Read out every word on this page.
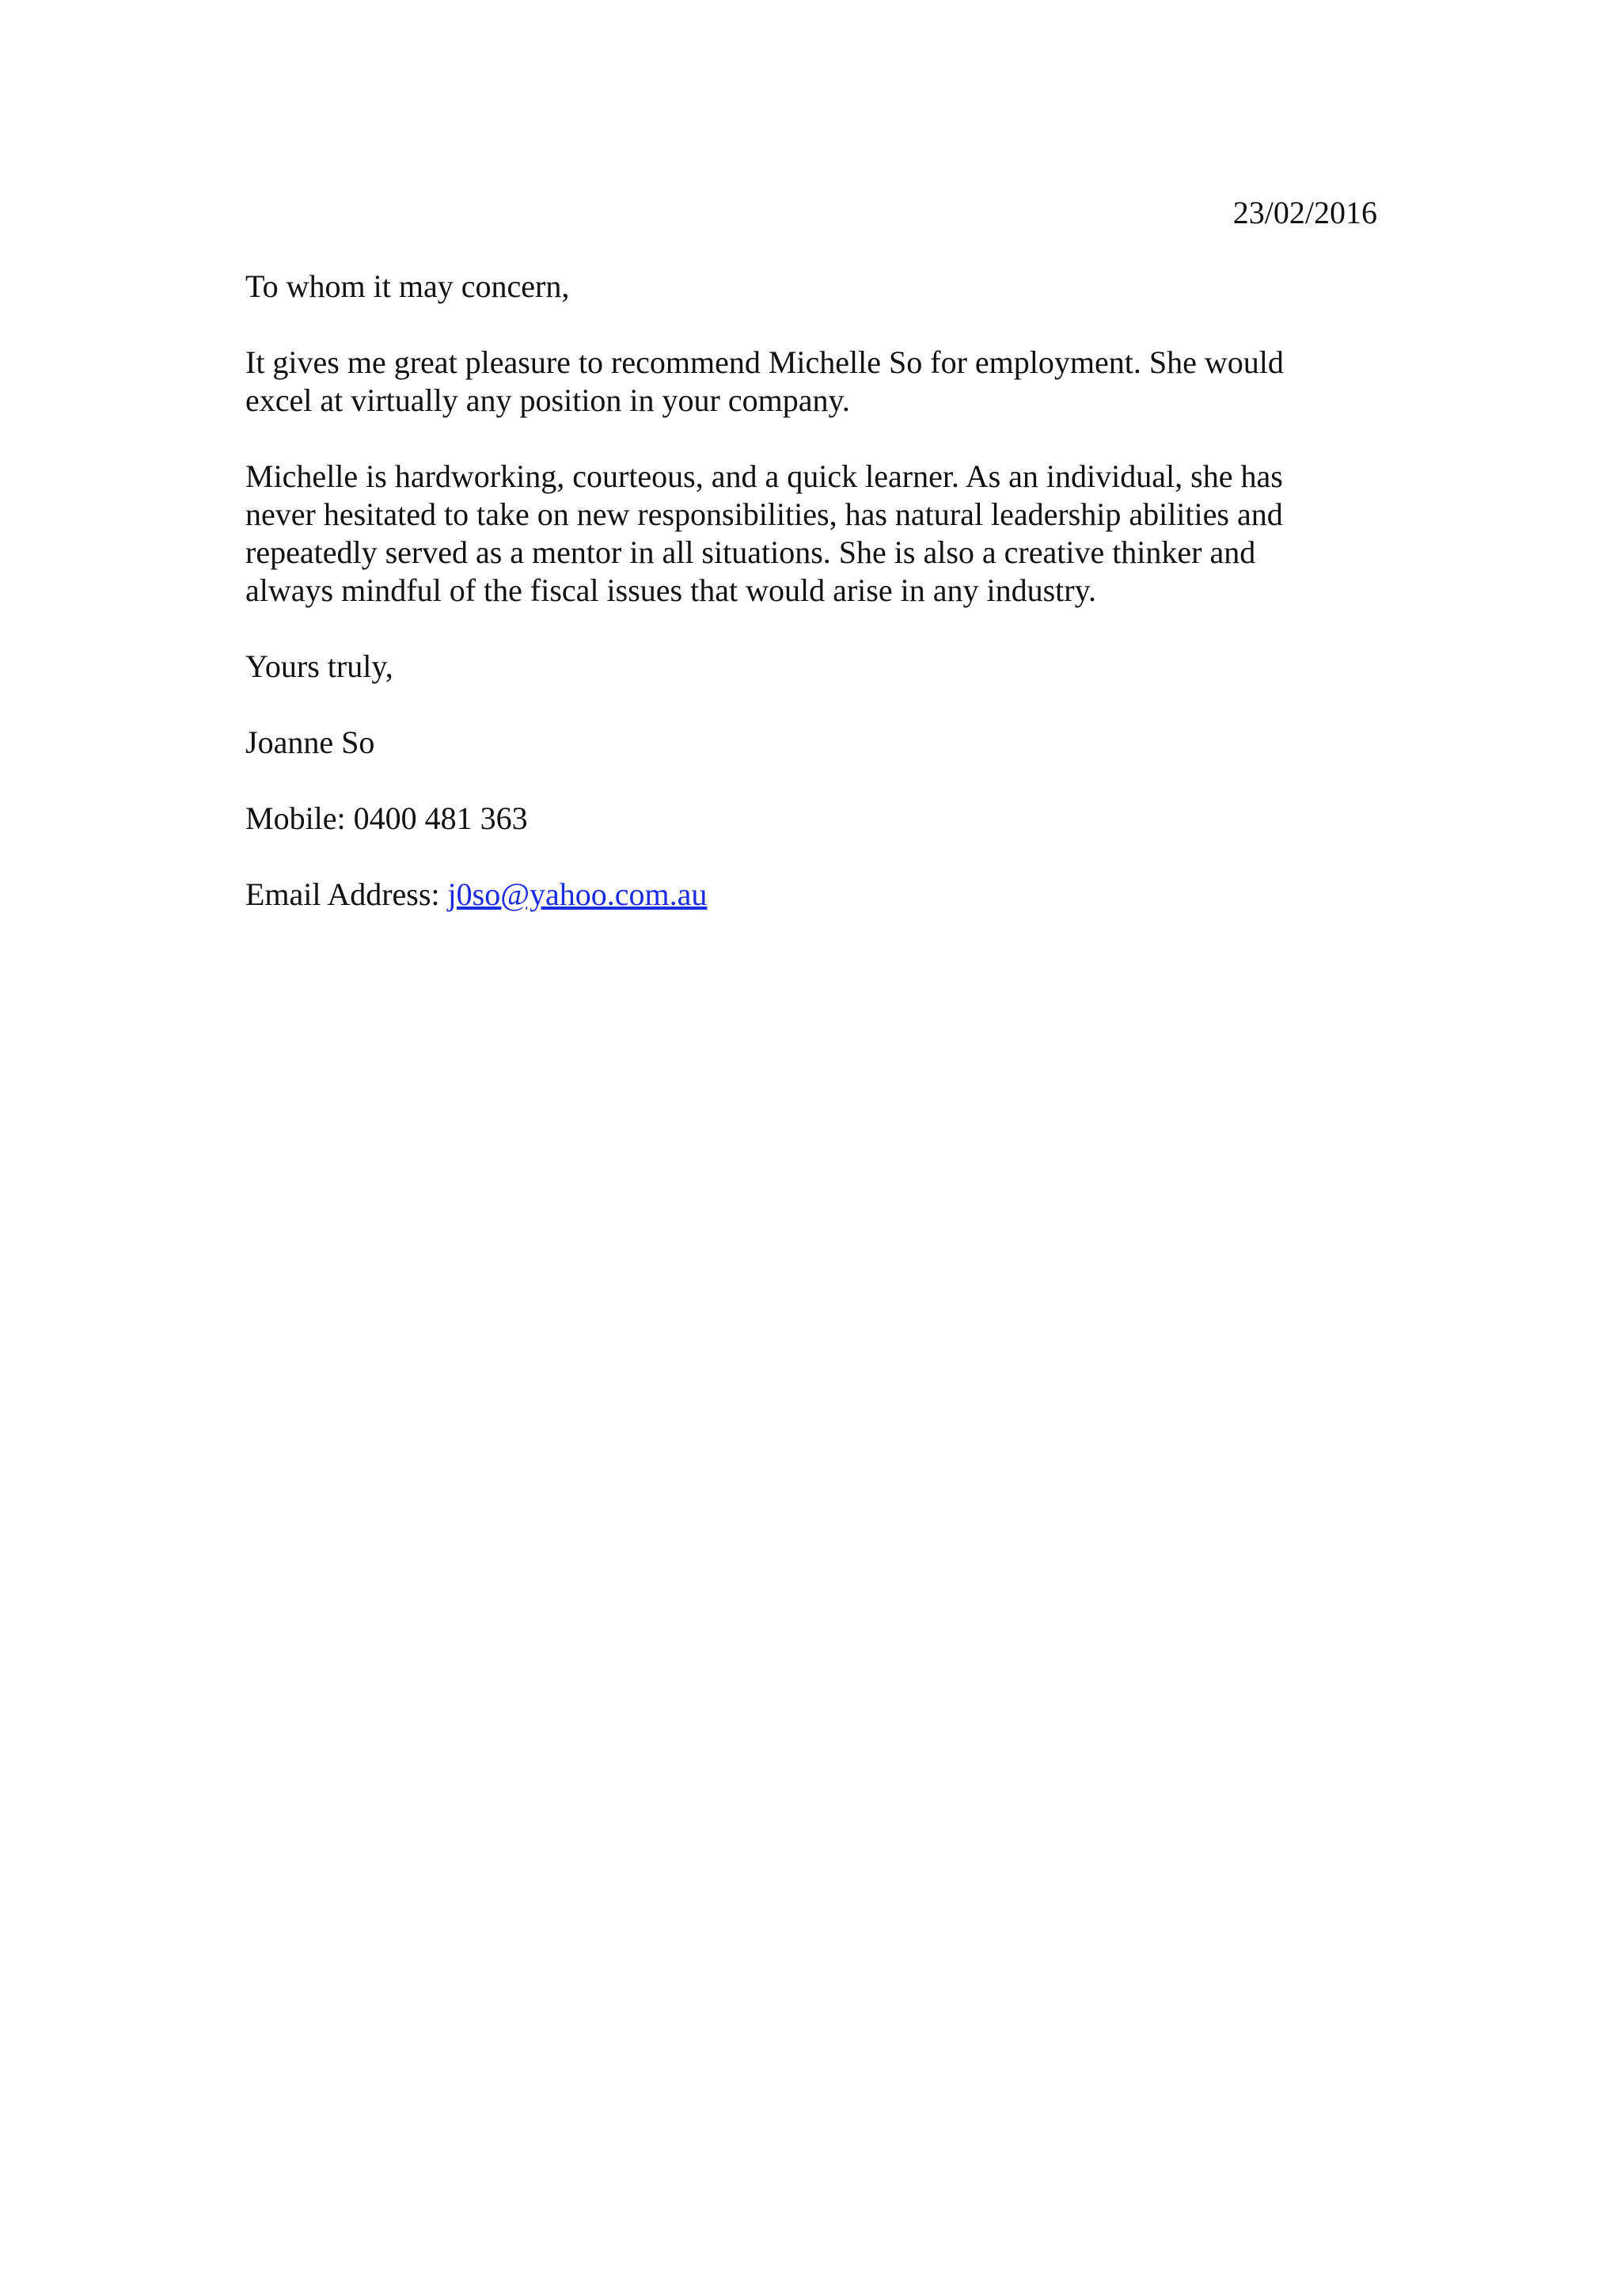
23/02/2016

To whom it may concern,

It gives me great pleasure to recommend Michelle So for employment. She would
excel at virtually any position in your company.

Michelle is hardworking, courteous, and a quick learner. As an individual, she has
never hesitated to take on new responsibilities, has natural leadership abilities and
repeatedly served as a mentor in all situations. She is also a creative thinker and
always mindful of the fiscal issues that would arise in any industry.

Yours truly,

Joanne So

Mobile: 0400 481 363

Email Address: j0so@yahoo.com.au
